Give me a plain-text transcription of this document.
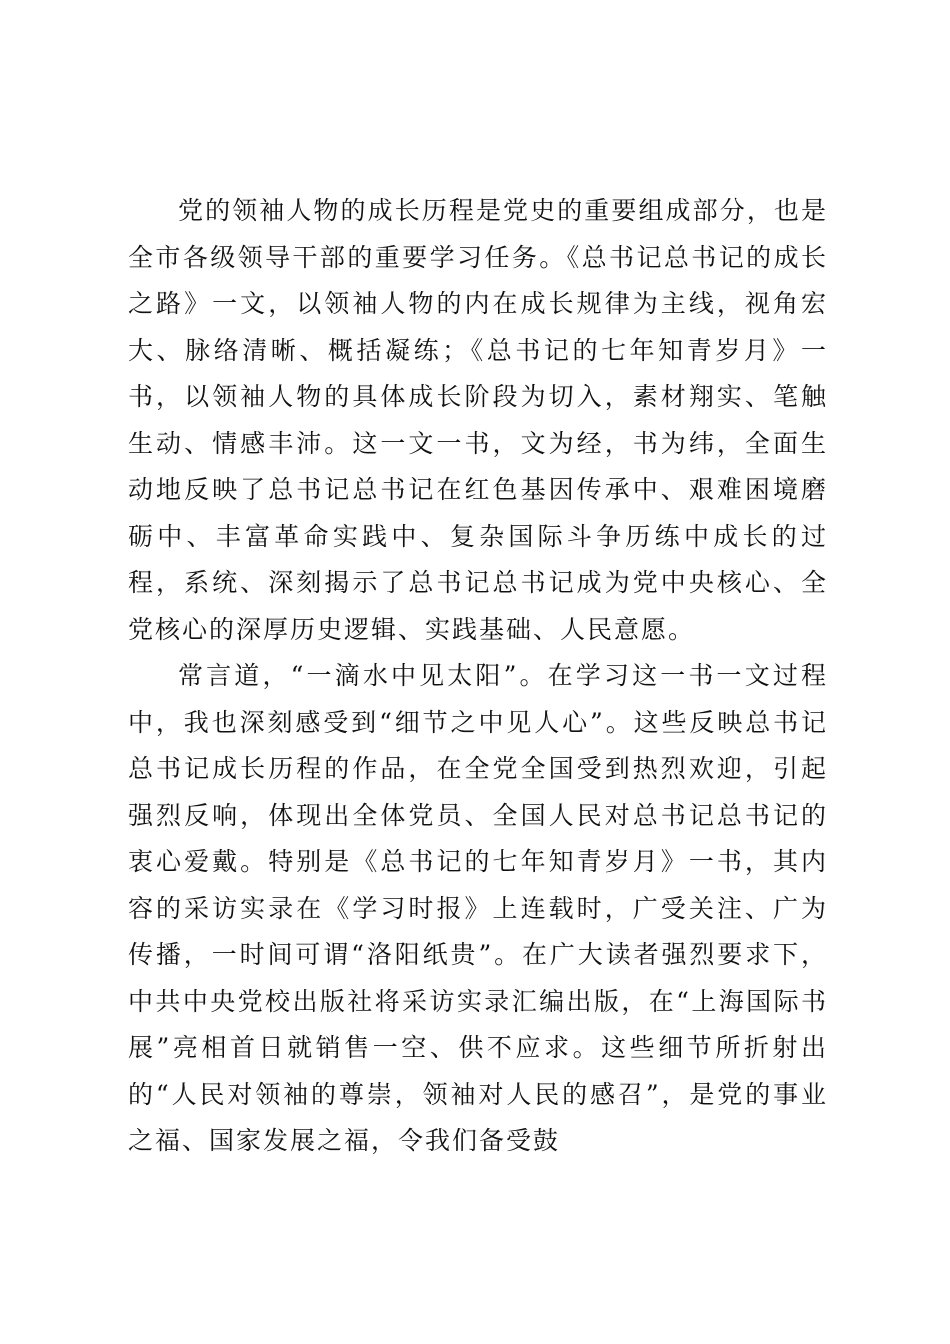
党的领袖人物的成长历程是党史的重要组成部分，也是全市各级领导干部的重要学习任务。《总书记总书记的成长之路》一文，以领袖人物的内在成长规律为主线，视角宏大、脉络清晰、概括凝练；《总书记的七年知青岁月》一书，以领袖人物的具体成长阶段为切入，素材翔实、笔触生动、情感丰沛。这一文一书，文为经，书为纬，全面生动地反映了总书记总书记在红色基因传承中、艰难困境磨砺中、丰富革命实践中、复杂国际斗争历练中成长的过程，系统、深刻揭示了总书记总书记成为党中央核心、全党核心的深厚历史逻辑、实践基础、人民意愿。

常言道，“一滴水中见太阳”。在学习这一书一文过程中，我也深刻感受到“细节之中见人心”。这些反映总书记总书记成长历程的作品，在全党全国受到热烈欢迎，引起强烈反响，体现出全体党员、全国人民对总书记总书记的衷心爱戴。特别是《总书记的七年知青岁月》一书，其内容的采访实录在《学习时报》上连载时，广受关注、广为传播，一时间可谓“洛阳纸贵”。在广大读者强烈要求下，中共中央党校出版社将采访实录汇编出版，在“上海国际书展”亮相首日就销售一空、供不应求。这些细节所折射出的“人民对领袖的尊崇，领袖对人民的感召”，是党的事业之福、国家发展之福，令我们备受鼓
